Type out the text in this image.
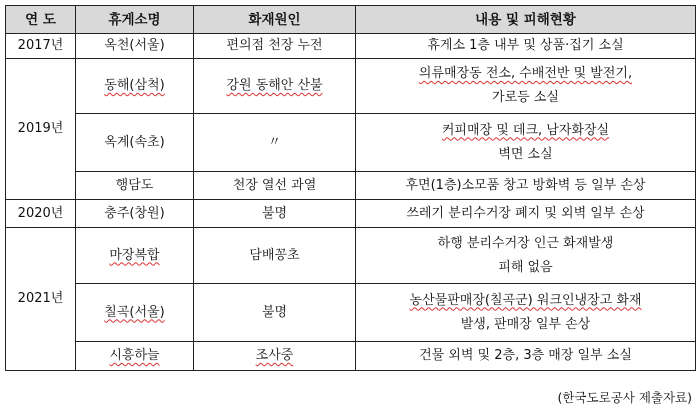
연 도	휴게소명	화재원인	내용 및 피해현황
2017년	옥천(서울)	편의점 천장 누전	휴게소 1층 내부 및 상품·집기 소실
2019년	동해(삼척)	강원 동해안 산불	의류매장동 전소, 수배전반 및 발전기,
가로등 소실

	옥계(속초)	〃	커피매장 및 데크, 남자화장실
벽면 소실

	행담도	천장 열선 과열	후면(1층)소모품 창고 방화벽 등 일부 손상
2020년	충주(창원)	불명	쓰레기 분리수거장 폐지 및 외벽 일부 손상
2021년	마장복합	담배꽁초	하행 분리수거장 인근 화재발생
피해 없음

	칠곡(서울)	불명	농산물판매장(칠곡군) 워크인냉장고 화재
발생, 판매장 일부 손상

	시흥하늘	조사중	건물 외벽 및 2층, 3층 매장 일부 소실
(한국도로공사 제출자료)
